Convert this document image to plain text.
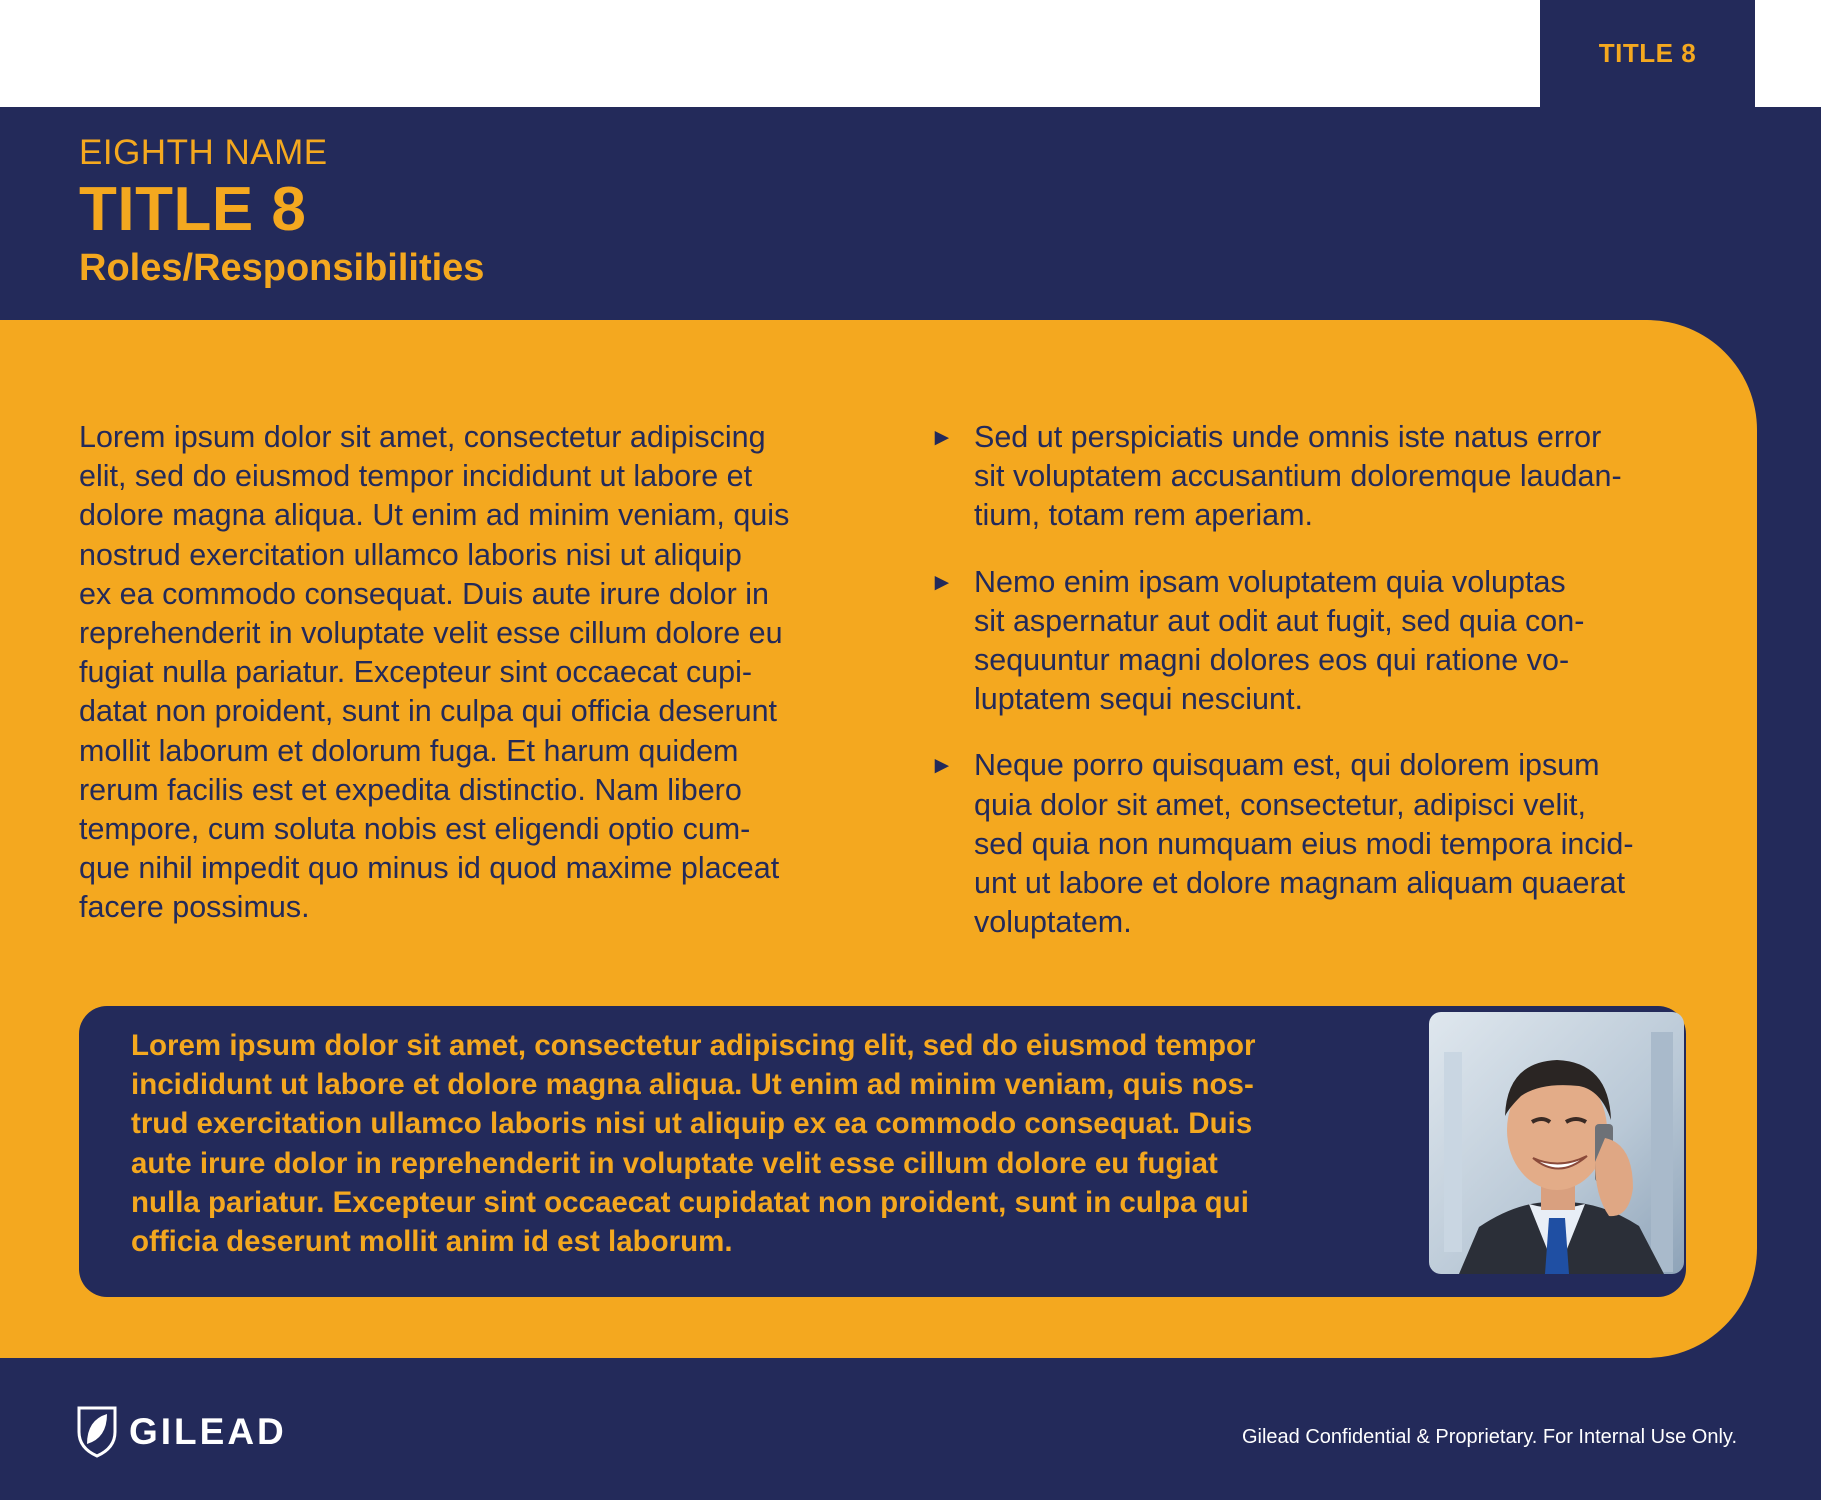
TITLE 8
EIGHTH NAME
TITLE 8
Roles/Responsibilities
Lorem ipsum dolor sit amet, consectetur adipiscing
elit, sed do eiusmod tempor incididunt ut labore et
dolore magna aliqua. Ut enim ad minim veniam, quis
nostrud exercitation ullamco laboris nisi ut aliquip
ex ea commodo consequat. Duis aute irure dolor in
reprehenderit in voluptate velit esse cillum dolore eu
fugiat nulla pariatur. Excepteur sint occaecat cupi-
datat non proident, sunt in culpa qui officia deserunt
mollit laborum et dolorum fuga. Et harum quidem
rerum facilis est et expedita distinctio. Nam libero
tempore, cum soluta nobis est eligendi optio cum-
que nihil impedit quo minus id quod maxime placeat
facere possimus.
► Sed ut perspiciatis unde omnis iste natus error
sit voluptatem accusantium doloremque laudan-
tium, totam rem aperiam.
► Nemo enim ipsam voluptatem quia voluptas
sit aspernatur aut odit aut fugit, sed quia con-
sequuntur magni dolores eos qui ratione vo-
luptatem sequi nesciunt.
► Neque porro quisquam est, qui dolorem ipsum
quia dolor sit amet, consectetur, adipisci velit,
sed quia non numquam eius modi tempora incid-
unt ut labore et dolore magnam aliquam quaerat
voluptatem.
Lorem ipsum dolor sit amet, consectetur adipiscing elit, sed do eiusmod tempor
incididunt ut labore et dolore magna aliqua. Ut enim ad minim veniam, quis nos-
trud exercitation ullamco laboris nisi ut aliquip ex ea commodo consequat. Duis
aute irure dolor in reprehenderit in voluptate velit esse cillum dolore eu fugiat
nulla pariatur. Excepteur sint occaecat cupidatat non proident, sunt in culpa qui
officia deserunt mollit anim id est laborum.
GILEAD	Gilead Confidential & Proprietary. For Internal Use Only.
